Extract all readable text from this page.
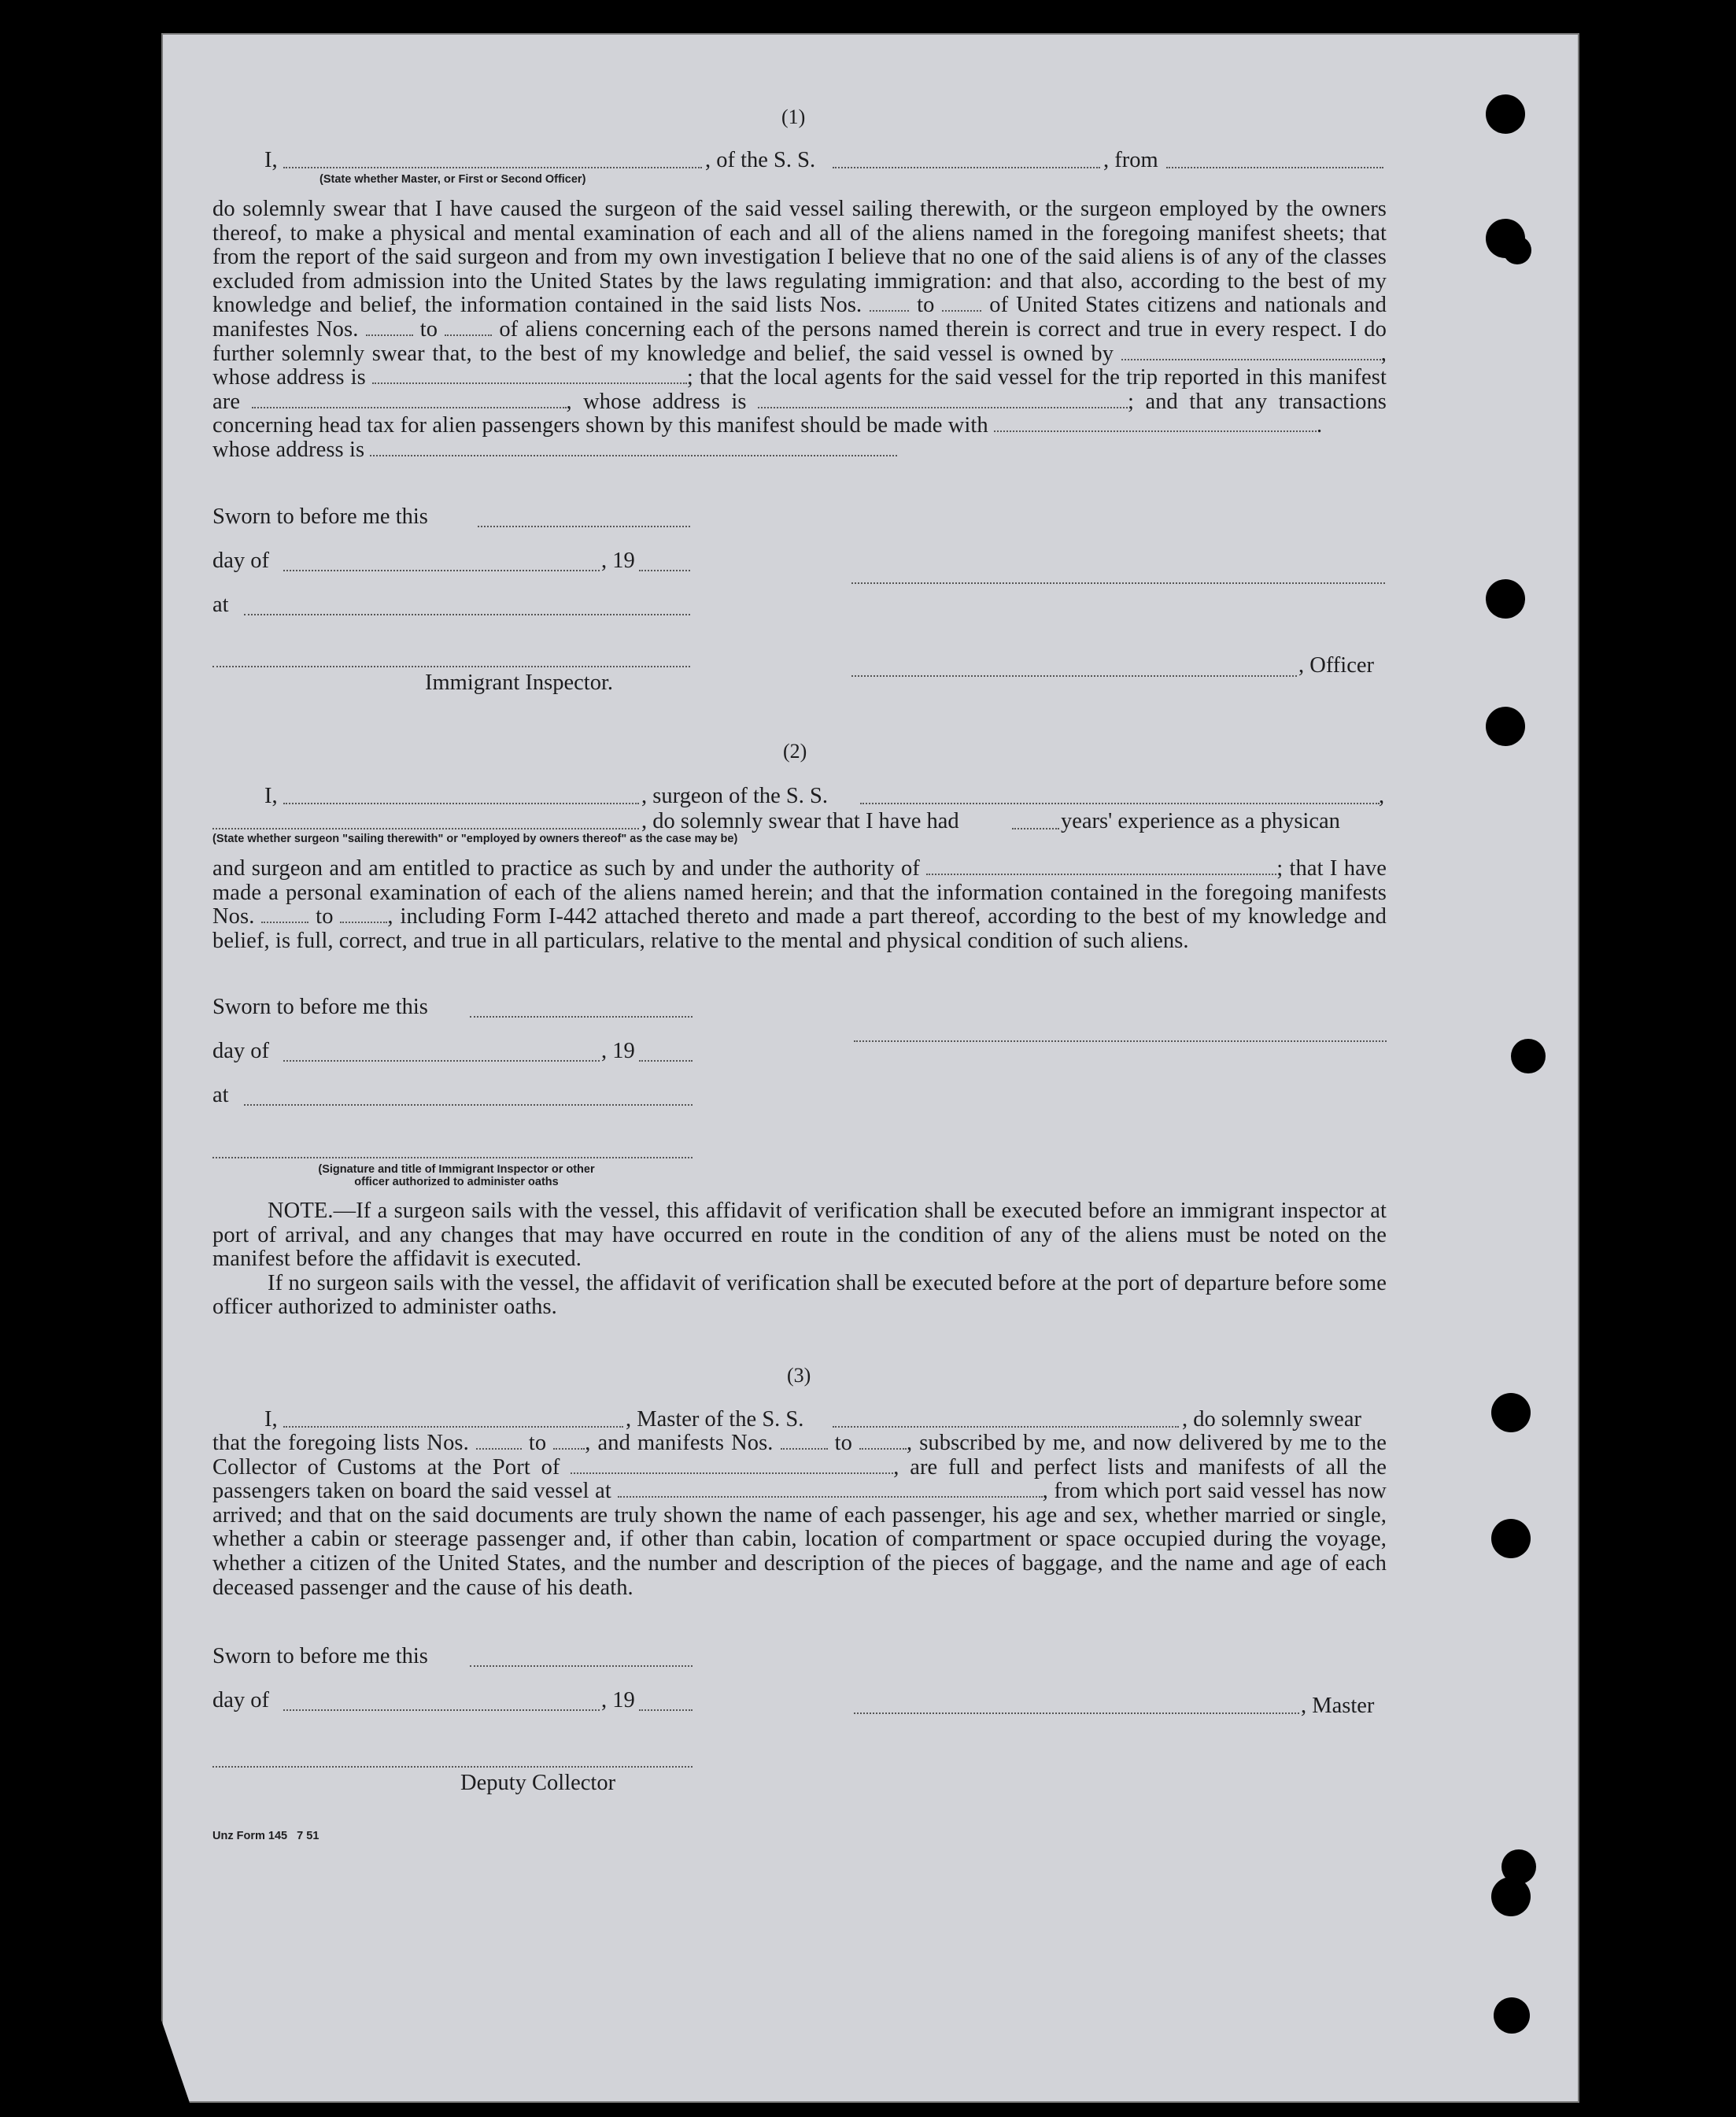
(1)
I,	, of the S. S.	, from
(State whether Master, or First or Second Officer)

do solemnly swear that I have caused the surgeon of the said vessel sailing therewith, or the surgeon employed by the owners thereof, to make a physical and mental examination of each and all of the aliens named in the foregoing manifest sheets; that from the report of the said surgeon and from my own investigation I believe that no one of the said aliens is of any of the classes excluded from admission into the United States by the laws regulating immigration: and that also, according to the best of my knowledge and belief, the information contained in the said lists Nos. to of United States citizens and nationals and manifestes Nos.	to	of aliens concerning each of the persons named therein is correct and true in every respect. I do further solemnly swear that, to the best of my knowledge and belief, the said vessel is owned by	, whose address is	; that the local agents for the said vessel for the trip reported in this manifest are	, whose address is	; and that any transactions concerning head tax for alien passengers shown by this manifest should be made with	.
whose address is

Sworn to before me this
day of	, 19
at
, Officer
Immigrant Inspector.
(2)
I,	, surgeon of the S. S.	,
, do solemnly swear that I have had	years' experience as a physican
(State whether surgeon "sailing therewith" or "employed by owners thereof" as the case may be)

and surgeon and am entitled to practice as such by and under the authority of	; that I have made a personal examination of each of the aliens named herein; and that the information contained in the foregoing manifests Nos.	to , including Form I-442 attached thereto and made a part thereof, according to the best of my knowledge and belief, is full, correct, and true in all particulars, relative to the mental and physical condition of such aliens.

Sworn to before me this
day of	, 19
at
(Signature and title of Immigrant Inspector or other
officer authorized to administer oaths

NOTE.—If a surgeon sails with the vessel, this affidavit of verification shall be executed before an immigrant inspector at port of arrival, and any changes that may have occurred en route in the condition of any of the aliens must be noted on the manifest before the affidavit is executed.

If no surgeon sails with the vessel, the affidavit of verification shall be executed before at the port of departure before some officer authorized to administer oaths.

(3)
I,	, Master of the S. S.	, do solemnly swear

that the foregoing lists Nos.	to , and manifests Nos.	to , subscribed by me, and now delivered by me to the Collector of Customs at the Port of	, are full and perfect lists and manifests of all the passengers taken on board the said vessel at	, from which port said vessel has now arrived; and that on the said documents are truly shown the name of each passenger, his age and sex, whether married or single, whether a cabin or steerage passenger and, if other than cabin, location of compartment or space occupied during the voyage, whether a citizen of the United States, and the number and description of the pieces of baggage, and the name and age of each deceased passenger and the cause of his death.

Sworn to before me this
day of	, 19	, Master
Deputy Collector
Unz Form 145   7 51
